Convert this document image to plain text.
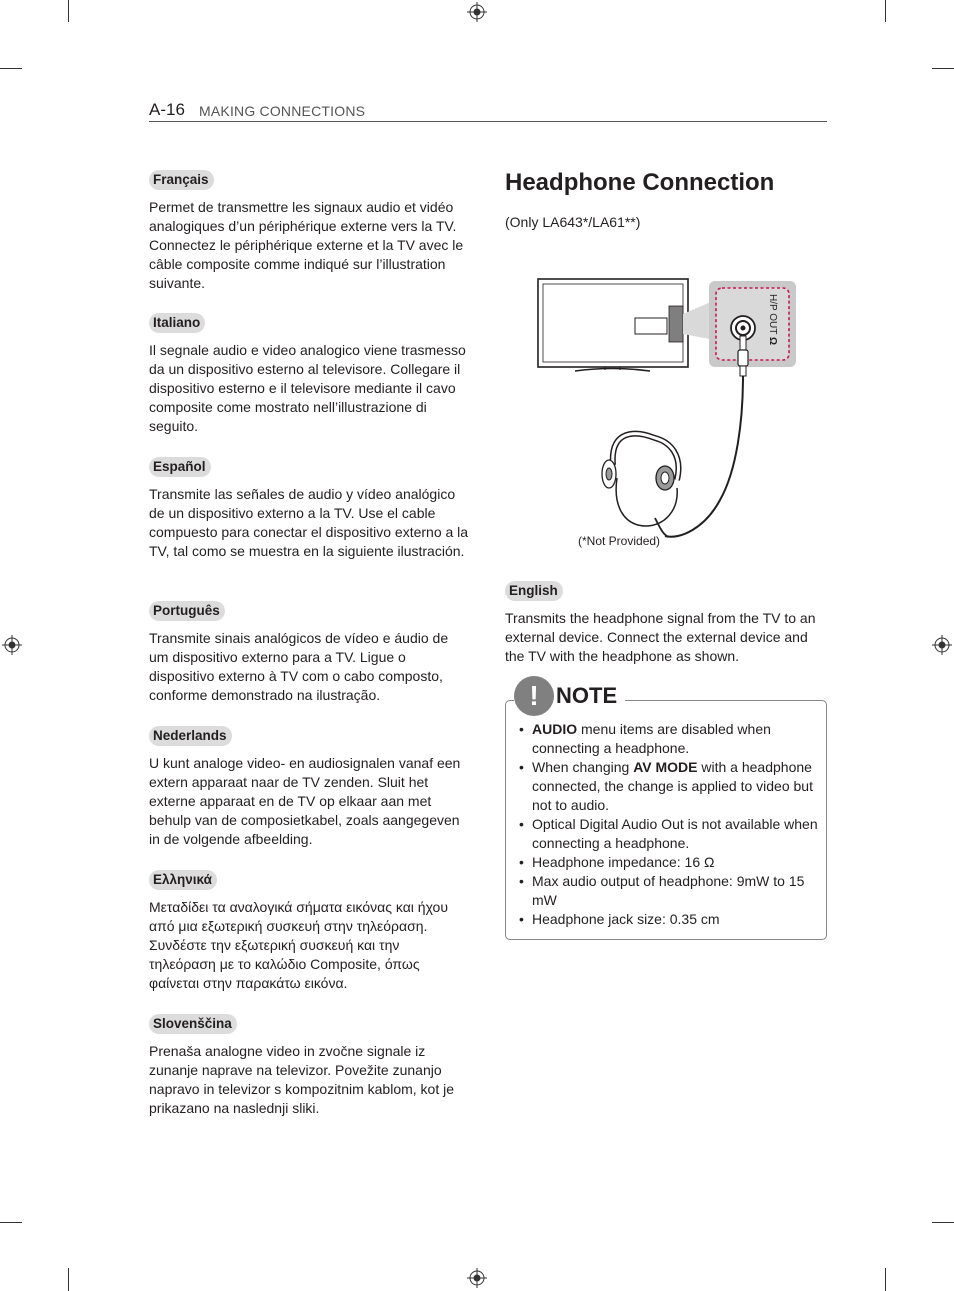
A-16 MAKING CONNECTIONS
Français
Permet de transmettre les signaux audio et vidéo analogiques d’un périphérique externe vers la TV. Connectez le périphérique externe et la TV avec le câble composite comme indiqué sur l’illustration suivante.
Italiano
Il segnale audio e video analogico viene trasmesso da un dispositivo esterno al televisore. Collegare il dispositivo esterno e il televisore mediante il cavo composite come mostrato nell’illustrazione di seguito.
Español
Transmite las señales de audio y vídeo analógico de un dispositivo externo a la TV. Use el cable compuesto para conectar el dispositivo externo a la TV, tal como se muestra en la siguiente ilustración.
Português
Transmite sinais analógicos de vídeo e áudio de um dispositivo externo para a TV. Ligue o dispositivo externo à TV com o cabo composto, conforme demonstrado na ilustração.
Nederlands
U kunt analoge video- en audiosignalen vanaf een extern apparaat naar de TV zenden. Sluit het externe apparaat en de TV op elkaar aan met behulp van de composietkabel, zoals aangegeven in de volgende afbeelding.
Ελληνικά
Μεταδίδει τα αναλογικά σήματα εικόνας και ήχου από μια εξωτερική συσκευή στην τηλεόραση. Συνδέστε την εξωτερική συσκευή και την τηλεόραση με το καλώδιο Composite, όπως φαίνεται στην παρακάτω εικόνα.
Slovenščina
Prenaša analogne video in zvočne signale iz zunanje naprave na televizor. Povežite zunanjo napravo in televizor s kompozitnim kablom, kot je prikazano na naslednji sliki.
Headphone Connection
(Only LA643*/LA61**)
H/P OUT Ω
(*Not Provided)
English
Transmits the headphone signal from the TV to an external device. Connect the external device and the TV with the headphone as shown.
! NOTE
• AUDIO menu items are disabled when connecting a headphone.
• When changing AV MODE with a headphone connected, the change is applied to video but not to audio.
• Optical Digital Audio Out is not available when connecting a headphone.
• Headphone impedance: 16 Ω
• Max audio output of headphone: 9mW to 15 mW
• Headphone jack size: 0.35 cm
